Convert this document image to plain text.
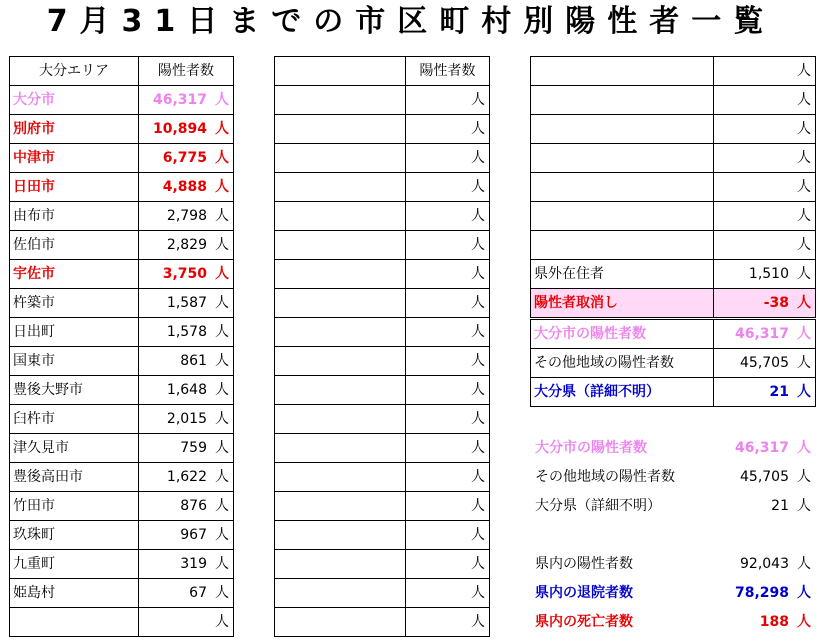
7月31日までの市区町村別陽性者一覧
大分エリア	陽性者数
大分市	46,317 人
別府市	10,894 人
中津市	6,775 人
日田市	4,888 人
由布市	2,798 人
佐伯市	2,829 人
宇佐市	3,750 人
杵築市	1,587 人
日出町	1,578 人
国東市	861 人
豊後大野市	1,648 人
臼杵市	2,015 人
津久見市	759 人
豊後高田市	1,622 人
竹田市	876 人
玖珠町	967 人
九重町	319 人
姫島村	67 人
	人
	陽性者数
	人
	人
	人
	人
	人
	人
	人
	人
	人
	人
	人
	人
	人
	人
	人
	人
	人
	人
	人
	人
	人
	人
	人
	人
	人
	人
県外在住者	1,510 人
陽性者取消し	-38 人
大分市の陽性者数	46,317 人
その他地域の陽性者数	45,705 人
大分県（詳細不明）	21 人
大分市の陽性者数	46,317 人
その他地域の陽性者数	45,705 人
大分県（詳細不明）	21 人
県内の陽性者数	92,043 人
県内の退院者数	78,298 人
県内の死亡者数	188 人
